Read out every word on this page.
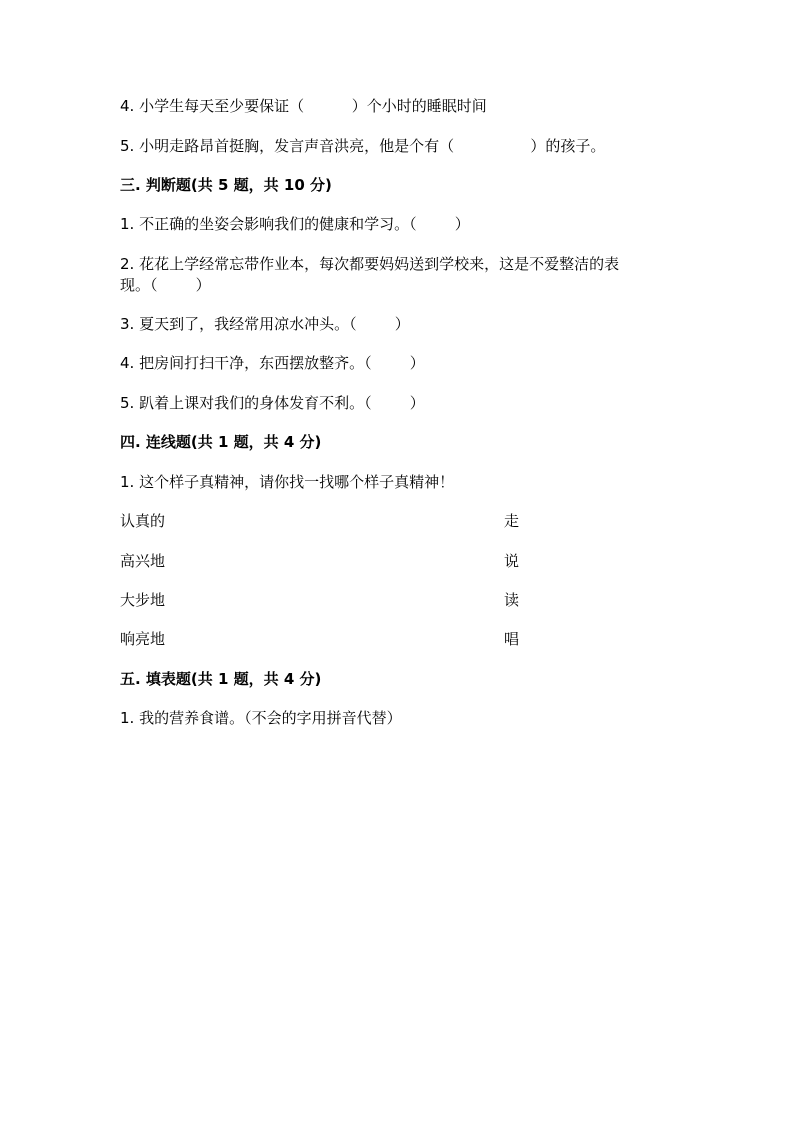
4. 小学生每天至少要保证（          ）个小时的睡眠时间
5. 小明走路昂首挺胸，发言声音洪亮，他是个有（                ）的孩子。
三. 判断题(共 5 题，共 10 分)
1. 不正确的坐姿会影响我们的健康和学习。（        ）
2. 花花上学经常忘带作业本，每次都要妈妈送到学校来，这是不爱整洁的表
现。（        ）
3. 夏天到了，我经常用凉水冲头。（        ）
4. 把房间打扫干净，东西摆放整齐。（        ）
5. 趴着上课对我们的身体发育不利。（        ）
四. 连线题(共 1 题，共 4 分)
1. 这个样子真精神，请你找一找哪个样子真精神！
认真的	走
高兴地	说
大步地	读
响亮地	唱
五. 填表题(共 1 题，共 4 分)
1. 我的营养食谱。（不会的字用拼音代替）
